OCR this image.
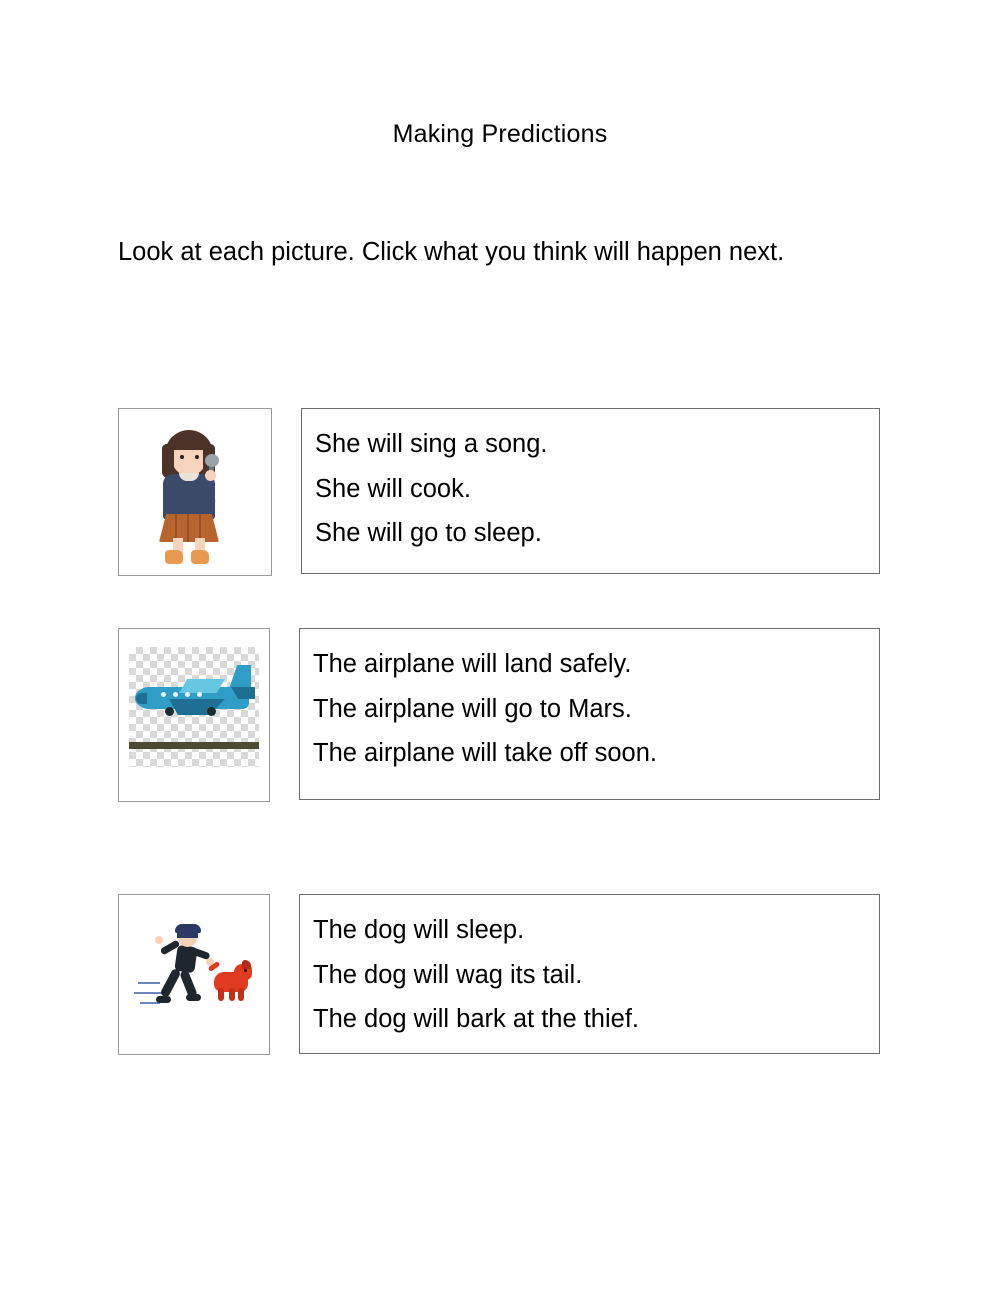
Making Predictions
Look at each picture. Click what you think will happen next.
She will sing a song.
She will cook.
She will go to sleep.
The airplane will land safely.
The airplane will go to Mars.
The airplane will take off soon.
The dog will sleep.
The dog will wag its tail.
The dog will bark at the thief.
